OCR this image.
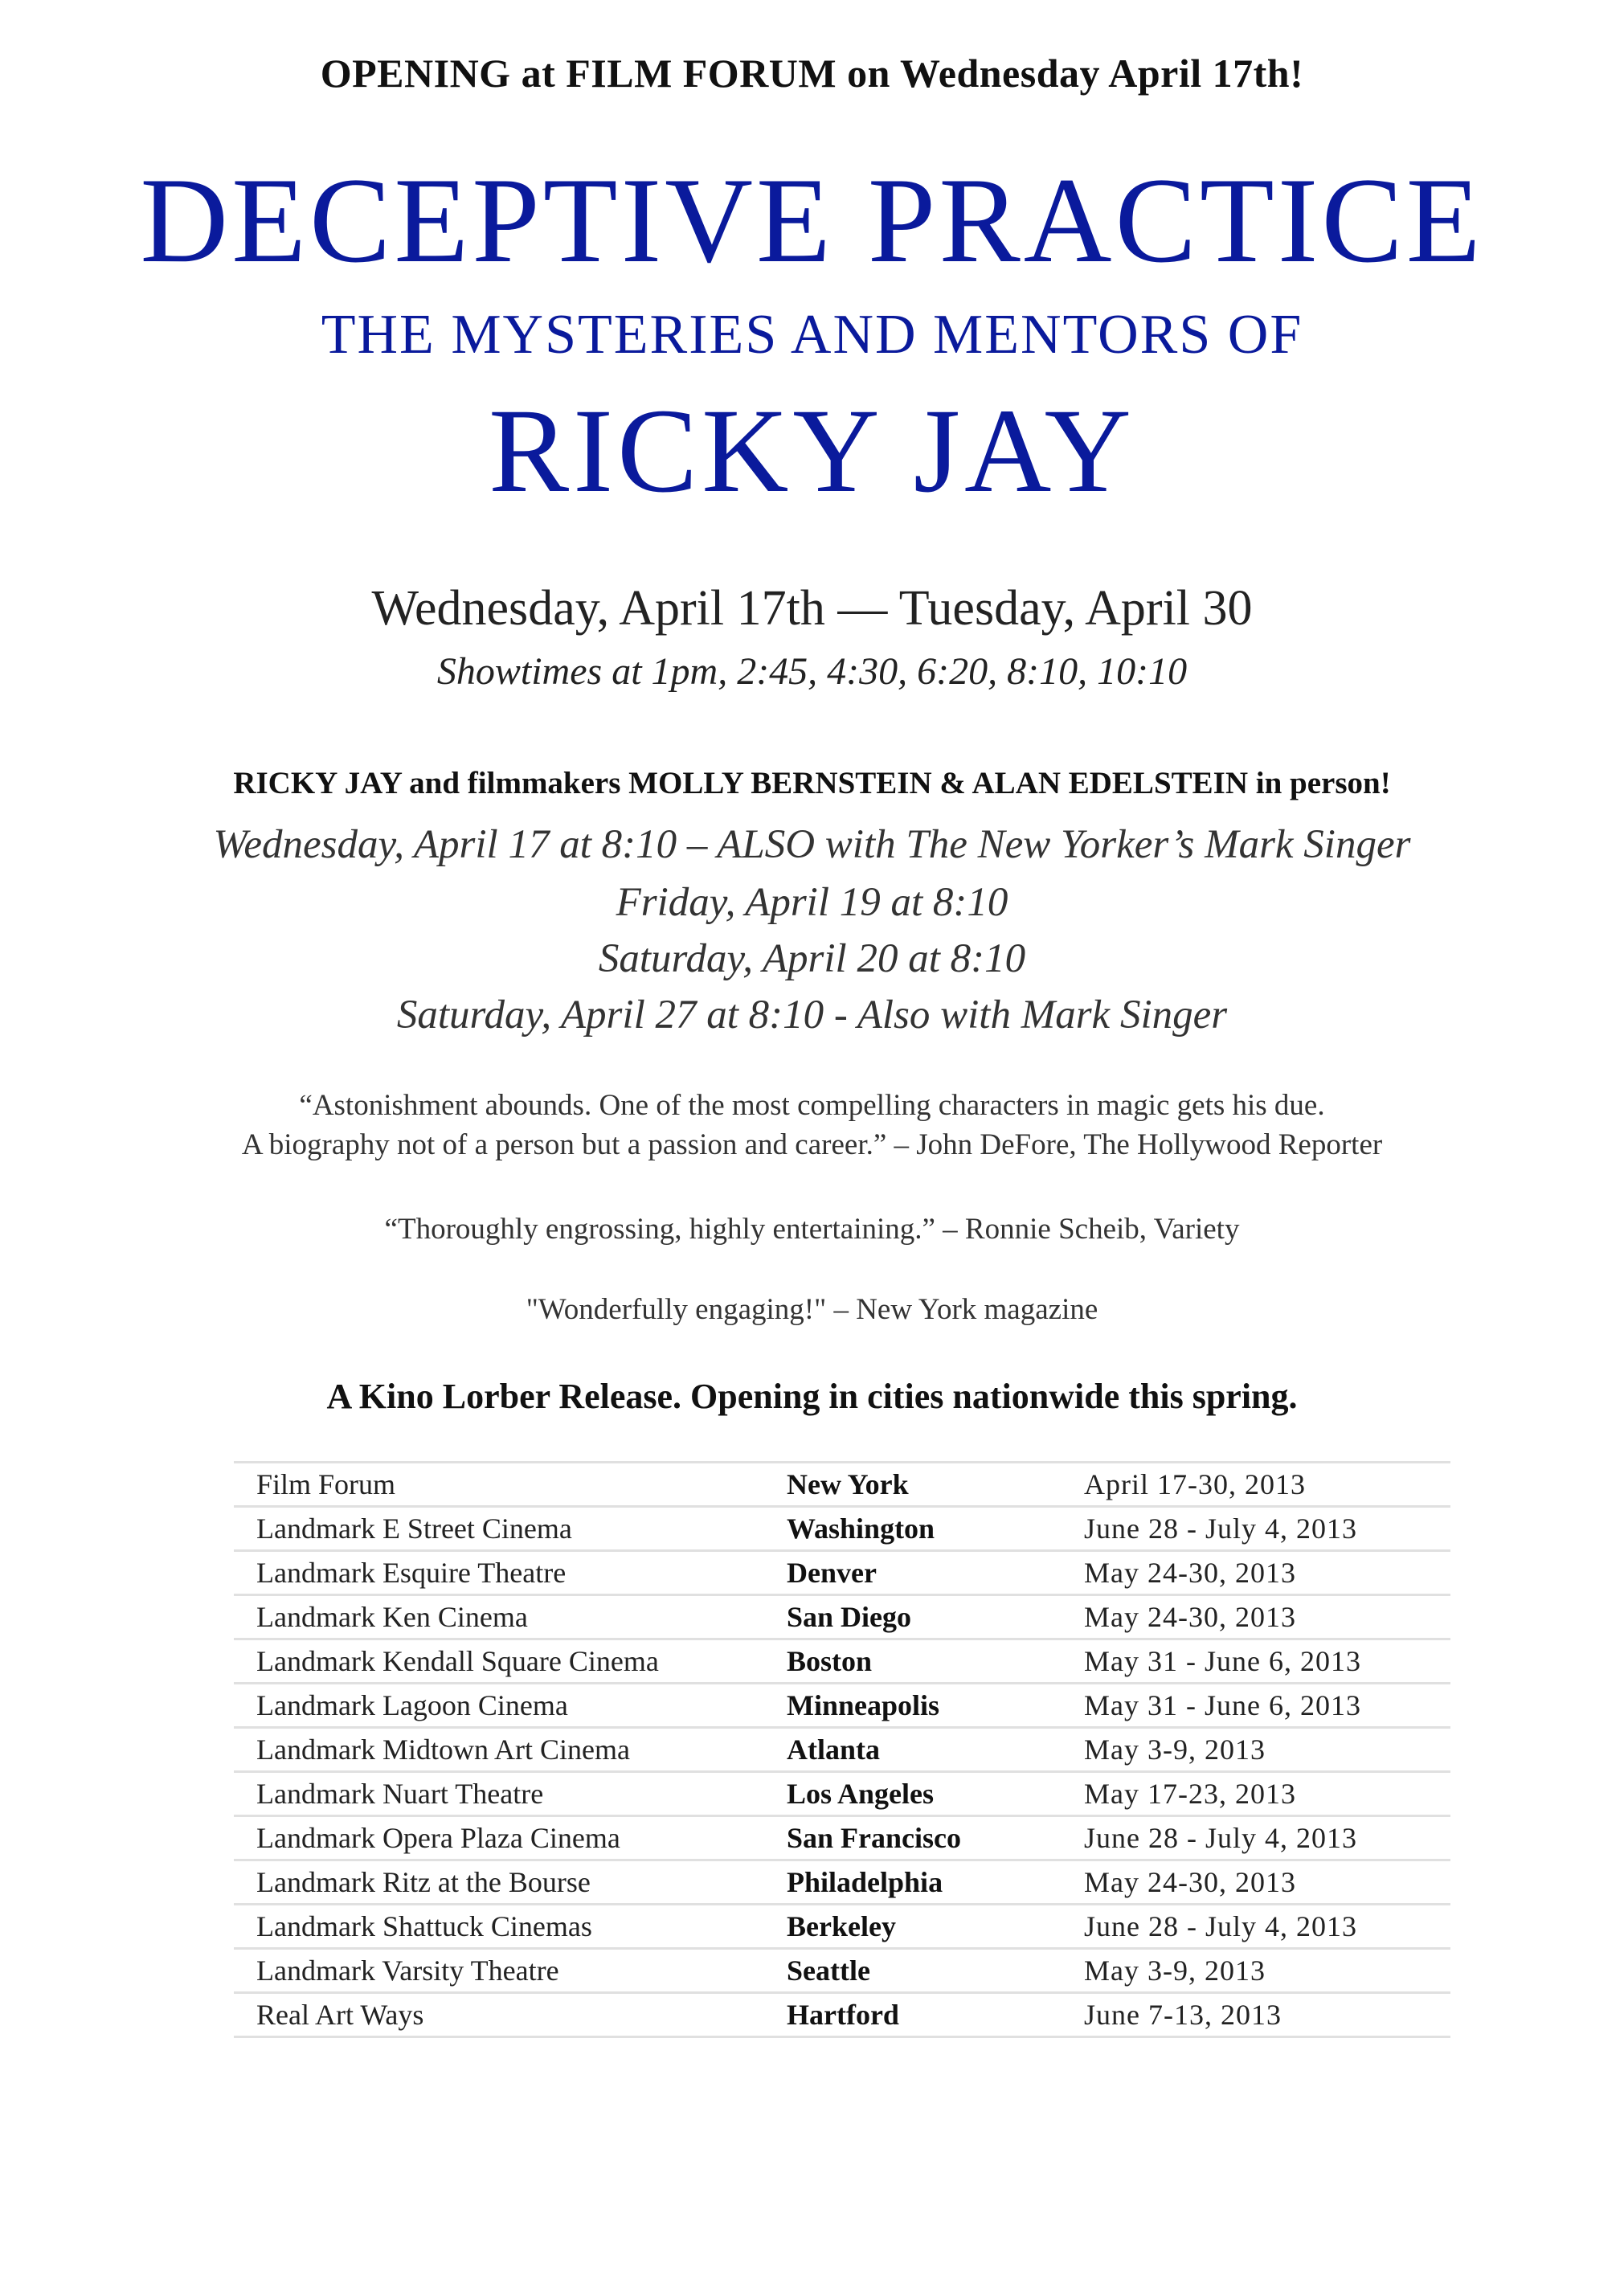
OPENING at FILM FORUM on Wednesday April 17th!
DECEPTIVE PRACTICE
THE MYSTERIES AND MENTORS OF
RICKY JAY
Wednesday, April 17th — Tuesday, April 30
Showtimes at 1pm, 2:45, 4:30, 6:20, 8:10, 10:10
RICKY JAY and filmmakers MOLLY BERNSTEIN & ALAN EDELSTEIN in person!
Wednesday, April 17 at 8:10 – ALSO with The New Yorker’s Mark Singer
Friday, April 19 at 8:10
Saturday, April 20 at 8:10
Saturday, April 27 at 8:10 - Also with Mark Singer
“Astonishment abounds. One of the most compelling characters in magic gets his due.
A biography not of a person but a passion and career.” – John DeFore, The Hollywood Reporter
“Thoroughly engrossing, highly entertaining.” – Ronnie Scheib, Variety
"Wonderfully engaging!" – New York magazine
A Kino Lorber Release. Opening in cities nationwide this spring.
Film Forum	New York	April 17-30, 2013
Landmark E Street Cinema	Washington	June 28 - July 4, 2013
Landmark Esquire Theatre	Denver	May 24-30, 2013
Landmark Ken Cinema	San Diego	May 24-30, 2013
Landmark Kendall Square Cinema	Boston	May 31 - June 6, 2013
Landmark Lagoon Cinema	Minneapolis	May 31 - June 6, 2013
Landmark Midtown Art Cinema	Atlanta	May 3-9, 2013
Landmark Nuart Theatre	Los Angeles	May 17-23, 2013
Landmark Opera Plaza Cinema	San Francisco	June 28 - July 4, 2013
Landmark Ritz at the Bourse	Philadelphia	May 24-30, 2013
Landmark Shattuck Cinemas	Berkeley	June 28 - July 4, 2013
Landmark Varsity Theatre	Seattle	May 3-9, 2013
Real Art Ways	Hartford	June 7-13, 2013
